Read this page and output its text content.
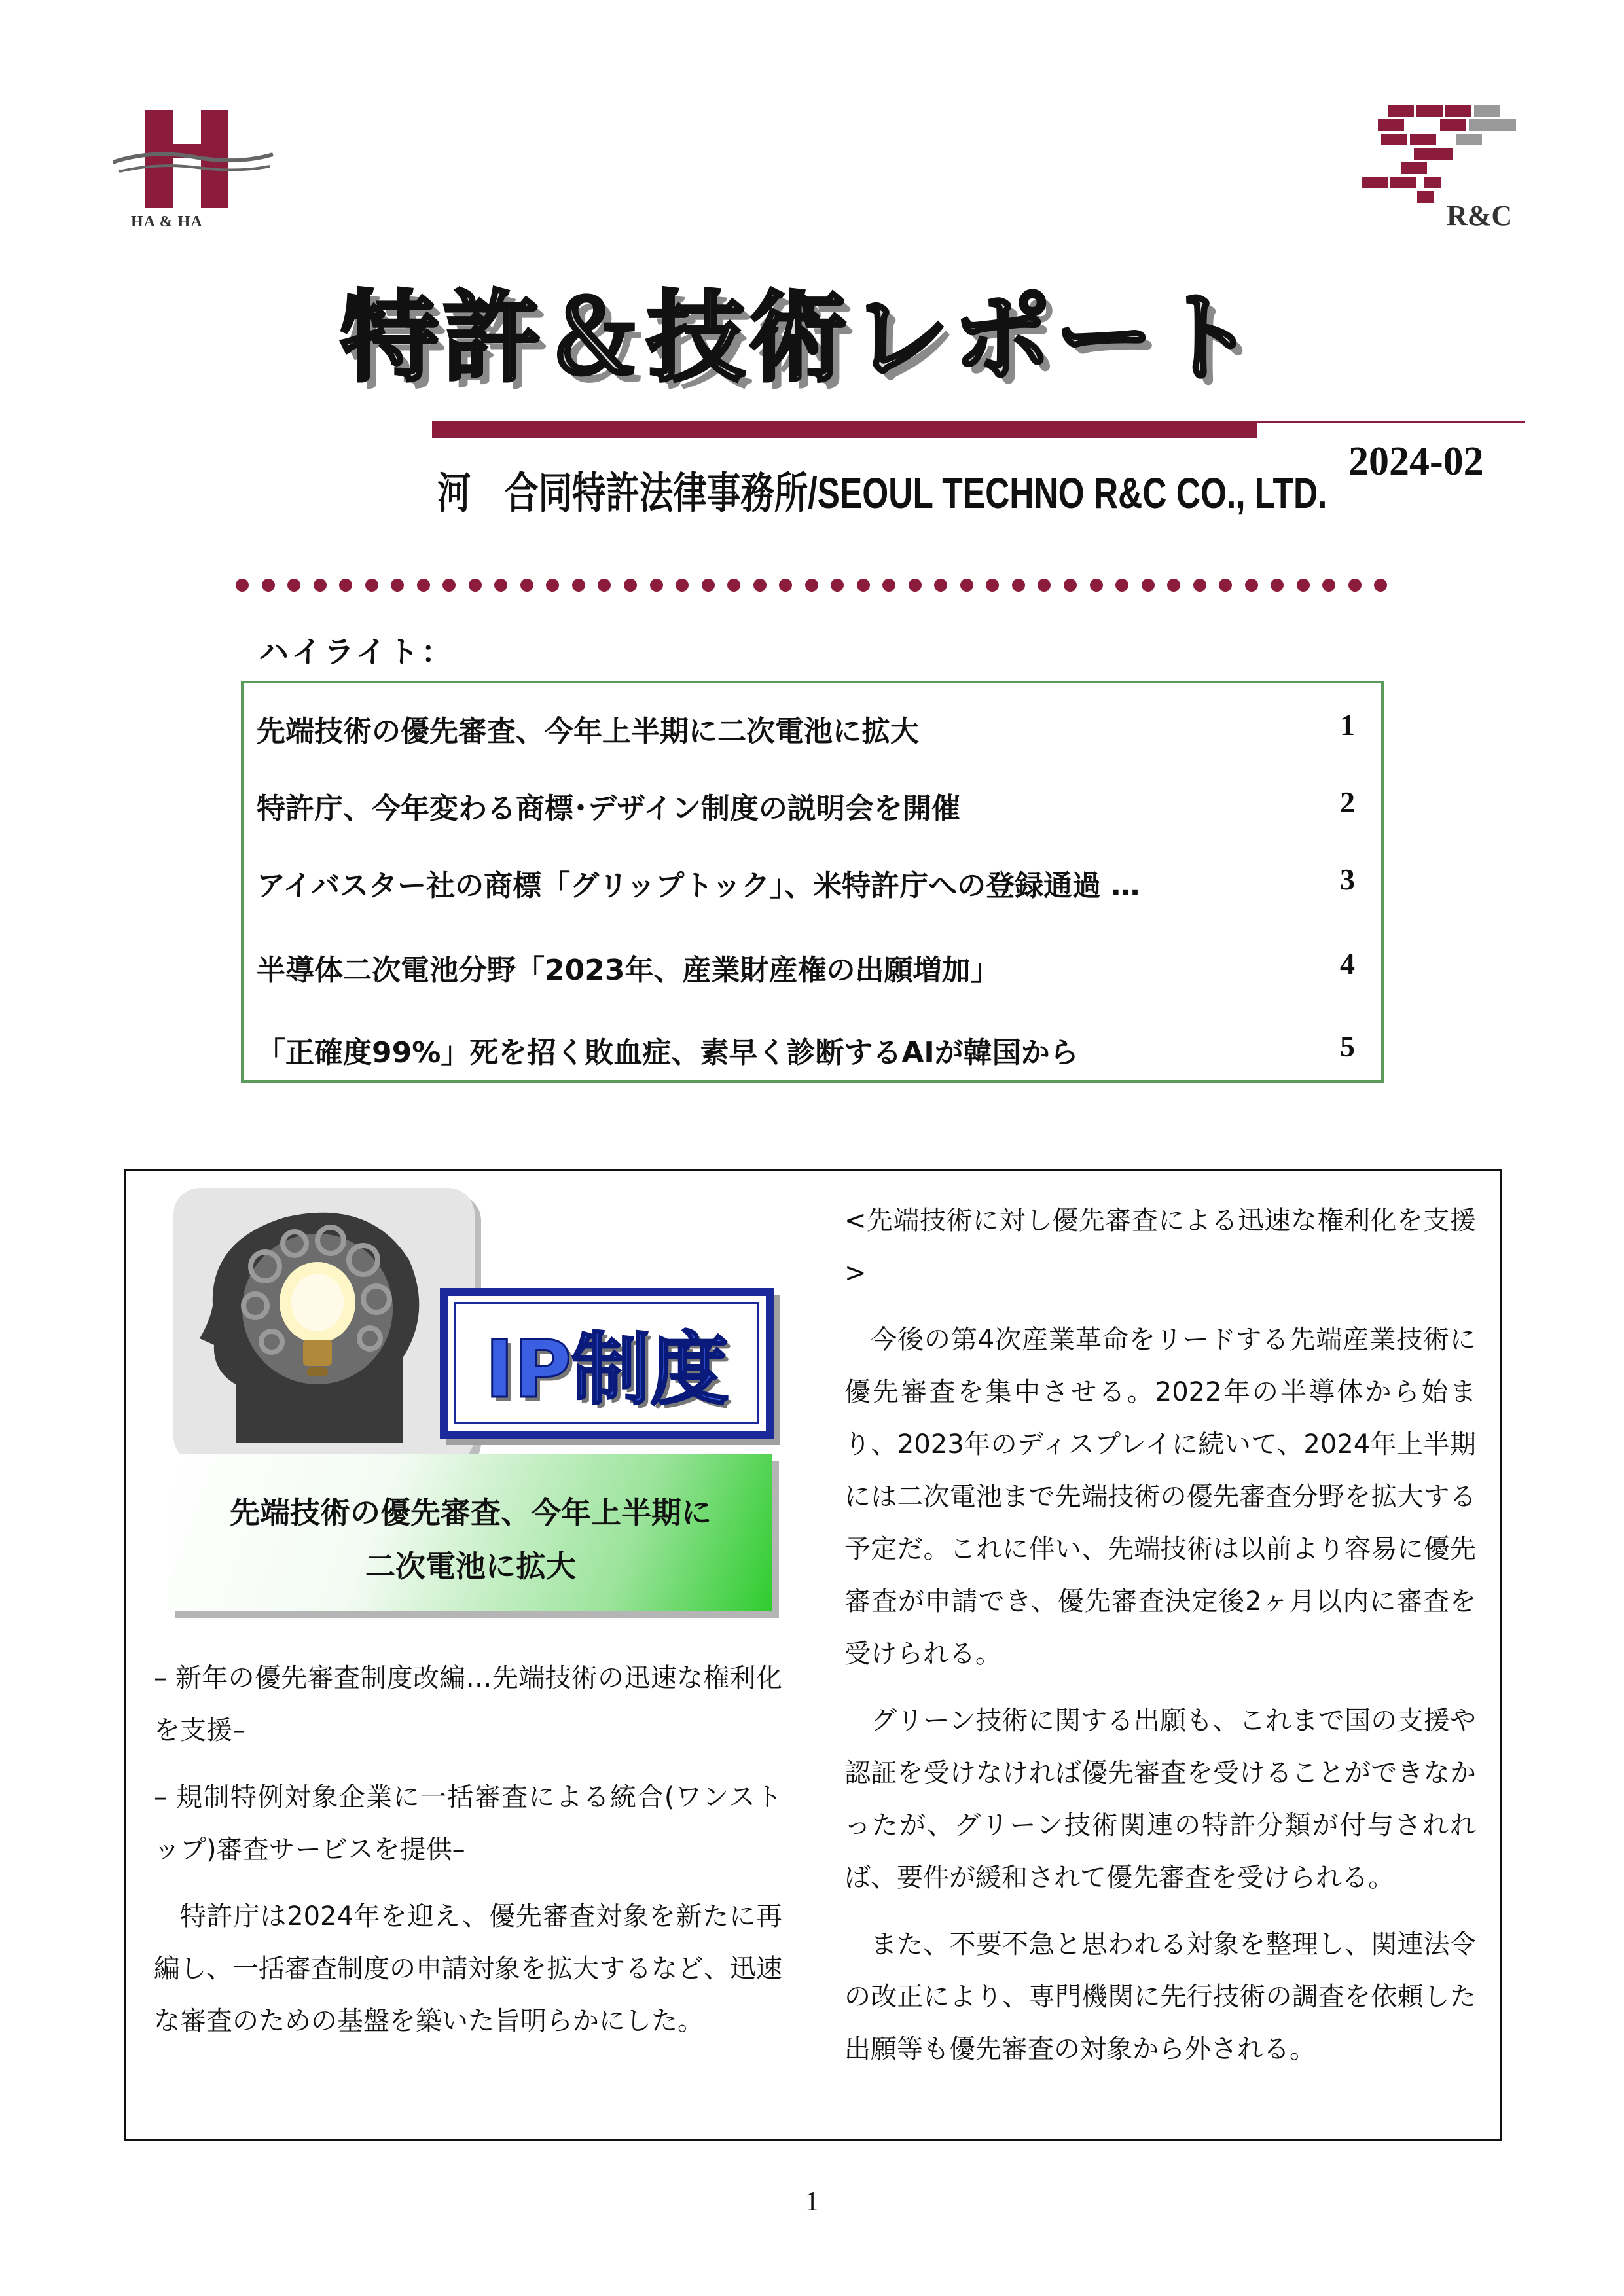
HA & HA	R&C
特許＆技術レポート
河　合同特許法律事務所/SEOUL TECHNO R&C CO., LTD.
2024-02
ハイライト：
先端技術の優先審査、今年上半期に二次電池に拡大	1
特許庁、今年変わる商標･デザイン制度の説明会を開催	2
アイバスター社の商標「グリップトック」、米特許庁への登録通過 …	3
半導体二次電池分野「2023年、産業財産権の出願増加」	4
「正確度99%」死を招く敗血症、素早く診断するAIが韓国から	5
IP制度
先端技術の優先審査、今年上半期に
二次電池に拡大

– 新年の優先審査制度改編…先端技術の迅速な権利化を支援–

– 規制特例対象企業に一括審査による統合(ワンストップ)審査サービスを提供–

特許庁は2024年を迎え、優先審査対象を新たに再編し、一括審査制度の申請対象を拡大するなど、迅速な審査のための基盤を築いた旨明らかにした。

<先端技術に対し優先審査による迅速な権利化を支援>

今後の第4次産業革命をリードする先端産業技術に優先審査を集中させる。2022年の半導体から始まり、2023年のディスプレイに続いて、2024年上半期には二次電池まで先端技術の優先審査分野を拡大する予定だ。これに伴い、先端技術は以前より容易に優先審査が申請でき、優先審査決定後2ヶ月以内に審査を受けられる。

グリーン技術に関する出願も、これまで国の支援や認証を受けなければ優先審査を受けることができなかったが、グリーン技術関連の特許分類が付与されれば、要件が緩和されて優先審査を受けられる。

また、不要不急と思われる対象を整理し、関連法令の改正により、専門機関に先行技術の調査を依頼した出願等も優先審査の対象から外される。

1
